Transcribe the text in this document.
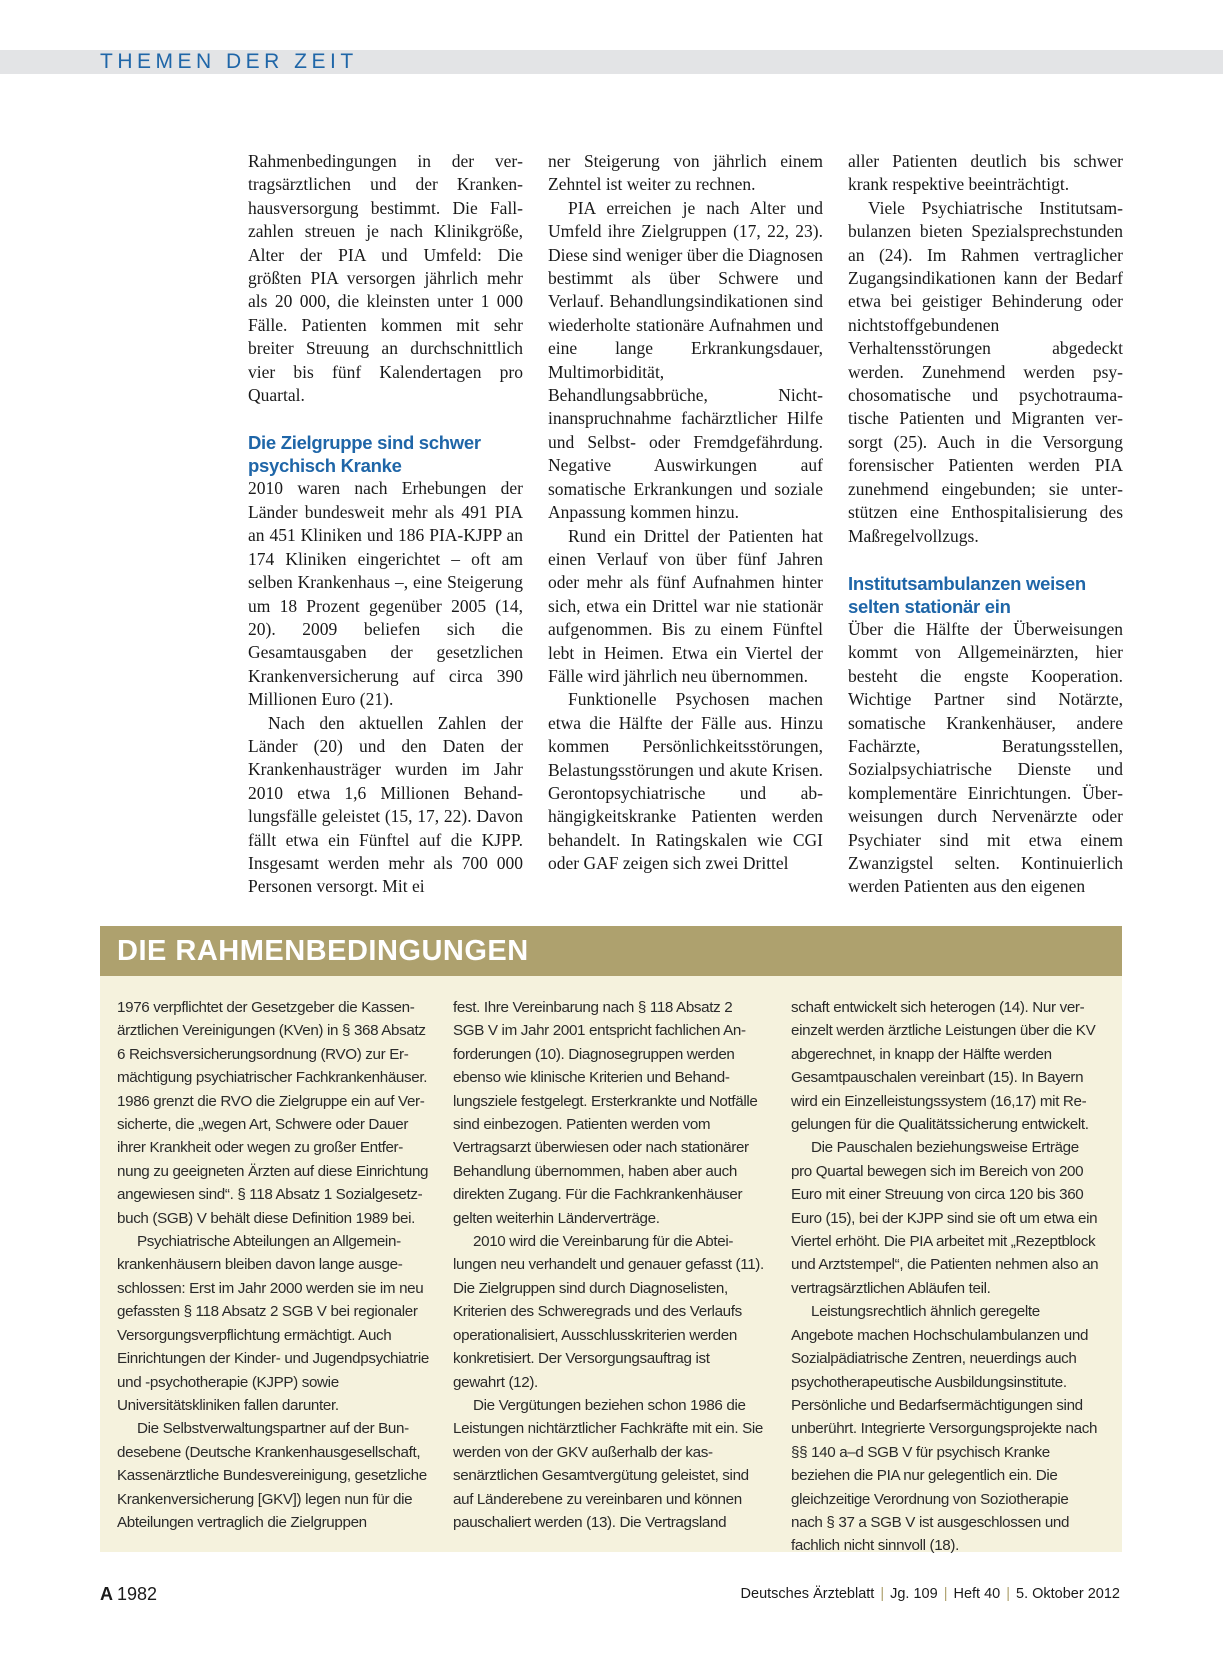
THEMEN DER ZEIT

Rahmenbedingungen in der vertragsärztlichen und der Krankenhausversorgung bestimmt. Die Fallzahlen streuen je nach Klinikgröße, Alter der PIA und Umfeld: Die größten PIA versorgen jährlich mehr als 20 000, die kleinsten unter 1 000 Fälle. Patienten kommen mit sehr breiter Streuung an durchschnittlich vier bis fünf Kalendertagen pro Quartal.

Die Zielgruppe sind schwer psychisch Kranke

2010 waren nach Erhebungen der Länder bundesweit mehr als 491 PIA an 451 Kliniken und 186 PIA-KJPP an 174 Kliniken eingerichtet – oft am selben Krankenhaus –, eine Steigerung um 18 Prozent gegenüber 2005 (14, 20). 2009 beliefen sich die Gesamtausgaben der gesetzlichen Krankenversicherung auf circa 390 Millionen Euro (21).

Nach den aktuellen Zahlen der Länder (20) und den Daten der Krankenhausträger wurden im Jahr 2010 etwa 1,6 Millionen Behandlungsfälle geleistet (15, 17, 22). Davon fällt etwa ein Fünftel auf die KJPP. Insgesamt werden mehr als 700 000 Personen versorgt. Mit ei

ner Steigerung von jährlich einem Zehntel ist weiter zu rechnen.

PIA erreichen je nach Alter und Umfeld ihre Zielgruppen (17, 22, 23). Diese sind weniger über die Diagnosen bestimmt als über Schwere und Verlauf. Behandlungsindikationen sind wiederholte stationäre Aufnahmen und eine lange Erkrankungsdauer, Multimorbidität, Behandlungsabbrüche, Nichtinanspruchnahme fachärztlicher Hilfe und Selbst- oder Fremdgefährdung. Negative Auswirkungen auf somatische Erkrankungen und soziale Anpassung kommen hinzu.

Rund ein Drittel der Patienten hat einen Verlauf von über fünf Jahren oder mehr als fünf Aufnahmen hinter sich, etwa ein Drittel war nie stationär aufgenommen. Bis zu einem Fünftel lebt in Heimen. Etwa ein Viertel der Fälle wird jährlich neu übernommen.

Funktionelle Psychosen machen etwa die Hälfte der Fälle aus. Hinzu kommen Persönlichkeitsstörungen, Belastungsstörungen und akute Krisen. Gerontopsychiatrische und abhängigkeitskranke Patienten werden behandelt. In Ratingskalen wie CGI oder GAF zeigen sich zwei Drittel

aller Patienten deutlich bis schwer krank respektive beeinträchtigt.

Viele Psychiatrische Institutsambulanzen bieten Spezialsprechstunden an (24). Im Rahmen vertraglicher Zugangsindikationen kann der Bedarf etwa bei geistiger Behinderung oder nichtstoffgebundenen Verhaltensstörungen abgedeckt werden. Zunehmend werden psychosomatische und psychotraumatische Patienten und Migranten versorgt (25). Auch in die Versorgung forensischer Patienten werden PIA zunehmend eingebunden; sie unterstützen eine Enthospitalisierung des Maßregelvollzugs.

Institutsambulanzen weisen selten stationär ein

Über die Hälfte der Überweisungen kommt von Allgemeinärzten, hier besteht die engste Kooperation. Wichtige Partner sind Notärzte, somatische Krankenhäuser, andere Fachärzte, Beratungsstellen, Sozialpsychiatrische Dienste und komplementäre Einrichtungen. Überweisungen durch Nervenärzte oder Psychiater sind mit etwa einem Zwanzigstel selten. Kontinuierlich werden Patienten aus den eigenen

DIE RAHMENBEDINGUNGEN

1976 verpflichtet der Gesetzgeber die Kassenärztlichen Vereinigungen (KVen) in § 368 Absatz 6 Reichsversicherungsordnung (RVO) zur Ermächtigung psychiatrischer Fachkrankenhäuser. 1986 grenzt die RVO die Zielgruppe ein auf Versicherte, die „wegen Art, Schwere oder Dauer ihrer Krankheit oder wegen zu großer Entfernung zu geeigneten Ärzten auf diese Einrichtung angewiesen sind“. § 118 Absatz 1 Sozialgesetzbuch (SGB) V behält diese Definition 1989 bei.

Psychiatrische Abteilungen an Allgemeinkrankenhäusern bleiben davon lange ausgeschlossen: Erst im Jahr 2000 werden sie im neu gefassten § 118 Absatz 2 SGB V bei regionaler Versorgungsverpflichtung ermächtigt. Auch Einrichtungen der Kinder- und Jugendpsychiatrie und -psychotherapie (KJPP) sowie Universitätskliniken fallen darunter.

Die Selbstverwaltungspartner auf der Bundesebene (Deutsche Krankenhausgesellschaft, Kassenärztliche Bundesvereinigung, gesetzliche Krankenversicherung [GKV]) legen nun für die Abteilungen vertraglich die Zielgruppen

fest. Ihre Vereinbarung nach § 118 Absatz 2 SGB V im Jahr 2001 entspricht fachlichen Anforderungen (10). Diagnosegruppen werden ebenso wie klinische Kriterien und Behandlungsziele festgelegt. Ersterkrankte und Notfälle sind einbezogen. Patienten werden vom Vertragsarzt überwiesen oder nach stationärer Behandlung übernommen, haben aber auch direkten Zugang. Für die Fachkrankenhäuser gelten weiterhin Länderverträge.

2010 wird die Vereinbarung für die Abteilungen neu verhandelt und genauer gefasst (11). Die Zielgruppen sind durch Diagnoselisten, Kriterien des Schweregrads und des Verlaufs operationalisiert, Ausschlusskriterien werden konkretisiert. Der Versorgungsauftrag ist gewahrt (12).

Die Vergütungen beziehen schon 1986 die Leistungen nichtärztlicher Fachkräfte mit ein. Sie werden von der GKV außerhalb der kassenärztlichen Gesamtvergütung geleistet, sind auf Länderebene zu vereinbaren und können pauschaliert werden (13). Die Vertragsland

schaft entwickelt sich heterogen (14). Nur vereinzelt werden ärztliche Leistungen über die KV abgerechnet, in knapp der Hälfte werden Gesamtpauschalen vereinbart (15). In Bayern wird ein Einzelleistungssystem (16,17) mit Regelungen für die Qualitätssicherung entwickelt.

Die Pauschalen beziehungsweise Erträge pro Quartal bewegen sich im Bereich von 200 Euro mit einer Streuung von circa 120 bis 360 Euro (15), bei der KJPP sind sie oft um etwa ein Viertel erhöht. Die PIA arbeitet mit „Rezeptblock und Arztstempel“, die Patienten nehmen also an vertragsärztlichen Abläufen teil.

Leistungsrechtlich ähnlich geregelte Angebote machen Hochschulambulanzen und Sozialpädiatrische Zentren, neuerdings auch psychotherapeutische Ausbildungsinstitute. Persönliche und Bedarfsermächtigungen sind unberührt. Integrierte Versorgungsprojekte nach §§ 140 a–d SGB V für psychisch Kranke beziehen die PIA nur gelegentlich ein. Die gleichzeitige Verordnung von Soziotherapie nach § 37 a SGB V ist ausgeschlossen und fachlich nicht sinnvoll (18).

A 1982	Deutsches Ärzteblatt | Jg. 109 | Heft 40 | 5. Oktober 2012
